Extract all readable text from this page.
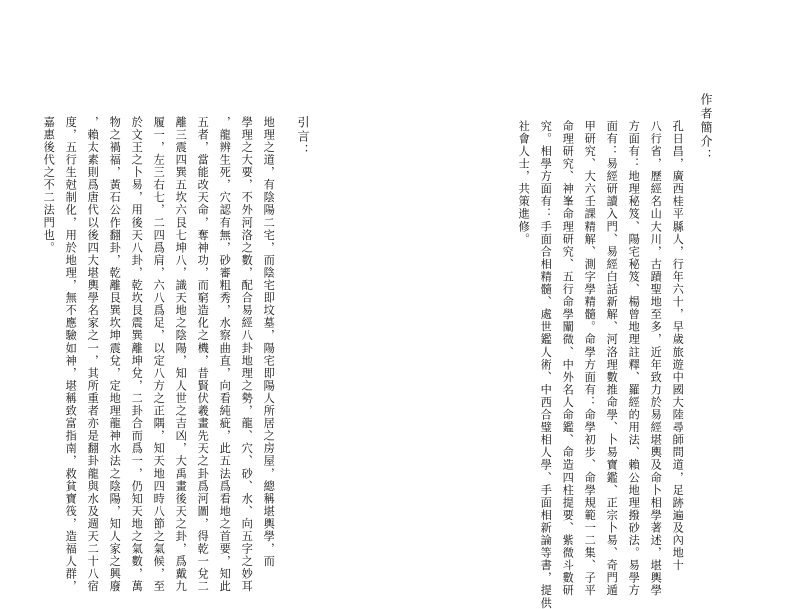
作者簡介：
孔日昌，廣西桂平縣人，行年六十，早歲旅遊中國大陸尋師問道，足跡遍及內地十
八行省，歷經名山大川，古蹟聖地至多，近年致力於易經堪輿及命卜相學著述，堪輿學
方面有：地理秘笈、陽宅秘笈、楊曾地理註釋、羅經的用法、賴公地理撥砂法。易學方
面有：易經研讀入門、易經白話新解、河洛理數推命學、卜易寶鑑、正宗卜易、奇門遁
甲研究、大六壬課精解、測字學精髓。命學方面有：命學初步、命學規範一二集、子平
命理研究、神峯命理研究、五行命學闡微、中外名人命鑑、命造四柱提要、紫微斗數研
究。相學方面有：手面合相精髓、處世鑑人術、中西合璧相人學、手面相新論等書，提供
社會人士，共策進修。
引言：
地理之道，有陰陽二宅，而陰宅即坟墓，陽宅即陽人所居之房屋，總稱堪輿學，而
學理之大要，不外河洛之數，配合易經八卦地理之勢，龍、穴、砂、水、向五字之妙耳
，龍辨生死，穴認有無，砂審粗秀，水察曲直，向看純疵，此五法爲看地之首要，知此
五者，當能改天命，奪神功，而窮造化之機，昔賢伏羲畫先天之卦爲河圖，得乾一兌二
離三震四巽五坎六艮七坤八，識天地之陰陽，知人世之吉凶，大禹畫後天之卦，爲戴九
履一，左三右七，二四爲肩，六八爲足，以定八方之正隅，知天地四時八節之氣候，至
於文王之卜易，用後天八卦，乾坎艮震巽離坤兌，二卦合而爲一，仍知天地之氣數，萬
物之禍福，黃石公作翻卦，乾離艮巽坎坤震兌，定地理龍神水法之陰陽，知人家之興廢
，賴太素則爲唐代以後四大堪輿學名家之一，其所重者亦是翻卦龍與水及週天二十八宿
度，五行生尅制化，用於地理，無不應驗如神，堪稱致富指南，救貧寶筏，造福人群，
嘉惠後代之不二法門也。
